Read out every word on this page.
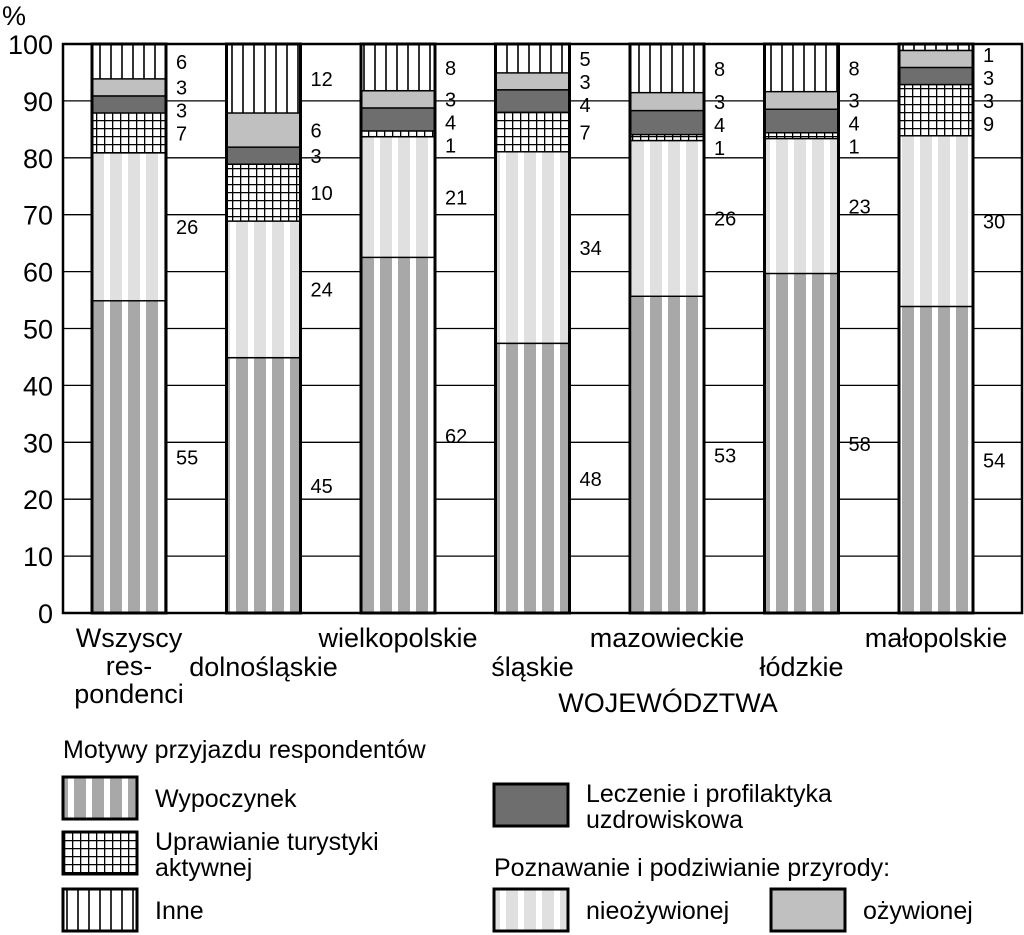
0
10
20
30
40
50
60
70
80
90
100
%
55
26
6
3
3
7
Wszyscy
res-
pondenci
45
24
10
12
6
3
dolnośląskie
62
21
8
3
4
1
wielkopolskie
48
34
5
3
4
7
śląskie
53
26
8
3
4
1
mazowieckie
58
23
8
3
4
1
łódzkie
54
30
1
3
3
9
małopolskie
WOJEWÓDZTWA
Motywy przyjazdu respondentów
Wypoczynek
Uprawianie turystyki
aktywnej
Inne
Leczenie i profilaktyka
uzdrowiskowa
nieożywionej	ożywionej
Poznawanie i podziwianie przyrody:
